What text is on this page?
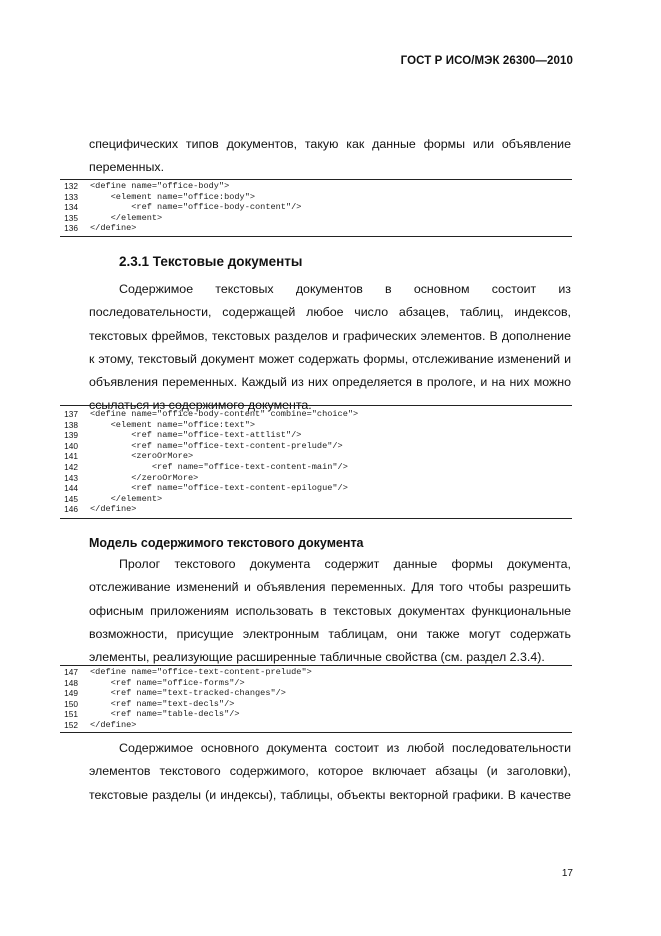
ГОСТ Р ИСО/МЭК 26300—2010

специфических типов документов, такую как данные формы или объявление
переменных.

132 <define name="office-body">
133 <element name="office:body">
134 <ref name="office-body-content"/>
135 </element>
136 </define>
2.3.1 Текстовые документы

Содержимое текстовых документов в основном состоит из
последовательности, содержащей любое число абзацев, таблиц, индексов,
текстовых фреймов, текстовых разделов и графических элементов. В дополнение
к этому, текстовый документ может содержать формы, отслеживание изменений и
объявления переменных. Каждый из них определяется в прологе, и на них можно
ссылаться из содержимого документа.

137 <define name="office-body-content" combine="choice">
138 <element name="office:text">
139 <ref name="office-text-attlist"/>
140 <ref name="office-text-content-prelude"/>
141 <zeroOrMore>
142 <ref name="office-text-content-main"/>
143 </zeroOrMore>
144 <ref name="office-text-content-epilogue"/>
145 </element>
146 </define>
Модель содержимого текстового документа

Пролог текстового документа содержит данные формы документа,
отслеживание изменений и объявления переменных. Для того чтобы разрешить
офисным приложениям использовать в текстовых документах функциональные
возможности, присущие электронным таблицам, они также могут содержать
элементы, реализующие расширенные табличные свойства (см. раздел 2.3.4).

147 <define name="office-text-content-prelude">
148 <ref name="office-forms"/>
149 <ref name="text-tracked-changes"/>
150 <ref name="text-decls"/>
151 <ref name="table-decls"/>
152 </define>

Содержимое основного документа состоит из любой последовательности
элементов текстового содержимого, которое включает абзацы (и заголовки),
текстовые разделы (и индексы), таблицы, объекты векторной графики. В качестве

17
